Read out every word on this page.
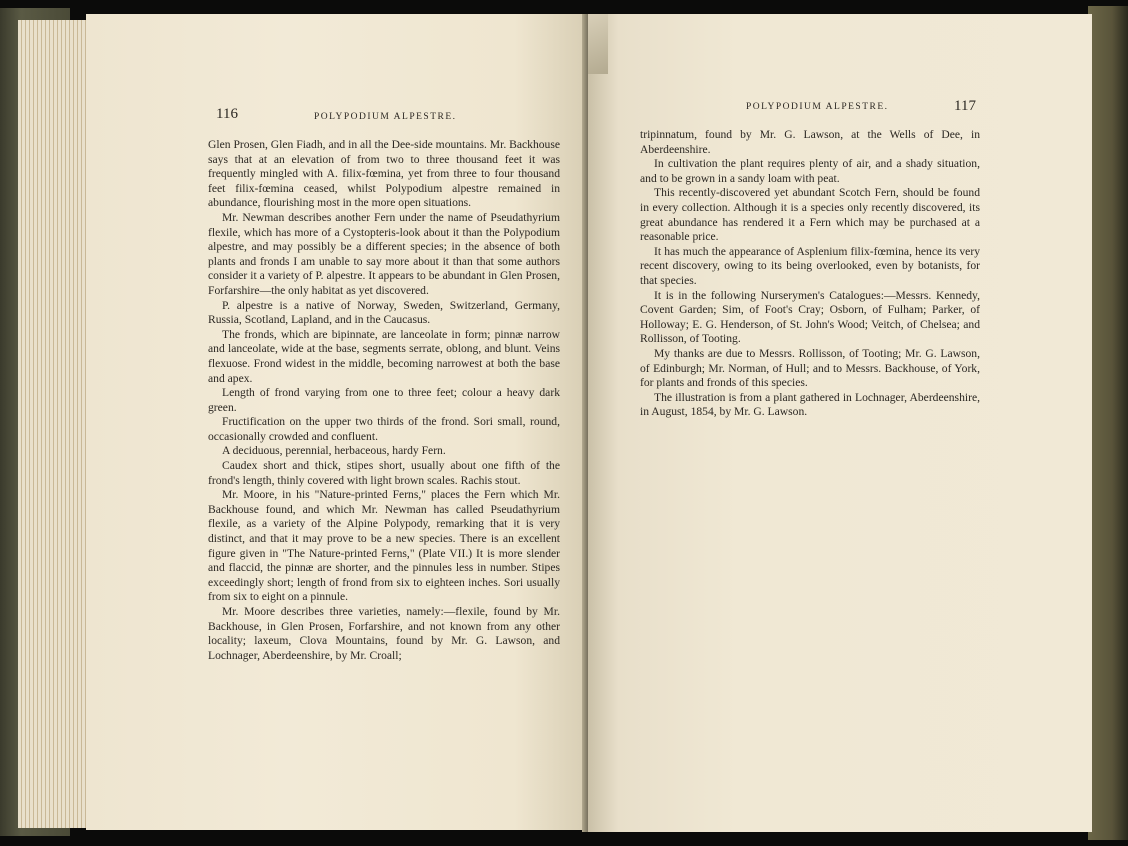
116	POLYPODIUM ALPESTRE.

Glen Prosen, Glen Fiadh, and in all the Dee-side mountains. Mr. Backhouse says that at an elevation of from two to three thousand feet it was frequently mingled with A. filix-fœmina, yet from three to four thousand feet filix-fœmina ceased, whilst Polypodium alpestre remained in abundance, flourishing most in the more open situations.

Mr. Newman describes another Fern under the name of Pseudathyrium flexile, which has more of a Cystopteris-look about it than the Polypodium alpestre, and may possibly be a different species; in the absence of both plants and fronds I am unable to say more about it than that some authors consider it a variety of P. alpestre. It appears to be abundant in Glen Prosen, Forfarshire—the only habitat as yet discovered.

P. alpestre is a native of Norway, Sweden, Switzerland, Germany, Russia, Scotland, Lapland, and in the Caucasus.

The fronds, which are bipinnate, are lanceolate in form; pinnæ narrow and lanceolate, wide at the base, segments serrate, oblong, and blunt. Veins flexuose. Frond widest in the middle, becoming narrowest at both the base and apex.

Length of frond varying from one to three feet; colour a heavy dark green.

Fructification on the upper two thirds of the frond. Sori small, round, occasionally crowded and confluent.

A deciduous, perennial, herbaceous, hardy Fern.

Caudex short and thick, stipes short, usually about one fifth of the frond's length, thinly covered with light brown scales. Rachis stout.

Mr. Moore, in his "Nature-printed Ferns," places the Fern which Mr. Backhouse found, and which Mr. Newman has called Pseudathyrium flexile, as a variety of the Alpine Polypody, remarking that it is very distinct, and that it may prove to be a new species. There is an excellent figure given in "The Nature-printed Ferns," (Plate VII.) It is more slender and flaccid, the pinnæ are shorter, and the pinnules less in number. Stipes exceedingly short; length of frond from six to eighteen inches. Sori usually from six to eight on a pinnule.

Mr. Moore describes three varieties, namely:—flexile, found by Mr. Backhouse, in Glen Prosen, Forfarshire, and not known from any other locality; laxeum, Clova Mountains, found by Mr. G. Lawson, and Lochnager, Aberdeenshire, by Mr. Croall;

POLYPODIUM ALPESTRE.	117

tripinnatum, found by Mr. G. Lawson, at the Wells of Dee, in Aberdeenshire.

In cultivation the plant requires plenty of air, and a shady situation, and to be grown in a sandy loam with peat.

This recently-discovered yet abundant Scotch Fern, should be found in every collection. Although it is a species only recently discovered, its great abundance has rendered it a Fern which may be purchased at a reasonable price.

It has much the appearance of Asplenium filix-fœmina, hence its very recent discovery, owing to its being overlooked, even by botanists, for that species.

It is in the following Nurserymen's Catalogues:—Messrs. Kennedy, Covent Garden; Sim, of Foot's Cray; Osborn, of Fulham; Parker, of Holloway; E. G. Henderson, of St. John's Wood; Veitch, of Chelsea; and Rollisson, of Tooting.

My thanks are due to Messrs. Rollisson, of Tooting; Mr. G. Lawson, of Edinburgh; Mr. Norman, of Hull; and to Messrs. Backhouse, of York, for plants and fronds of this species.

The illustration is from a plant gathered in Lochnager, Aberdeenshire, in August, 1854, by Mr. G. Lawson.
